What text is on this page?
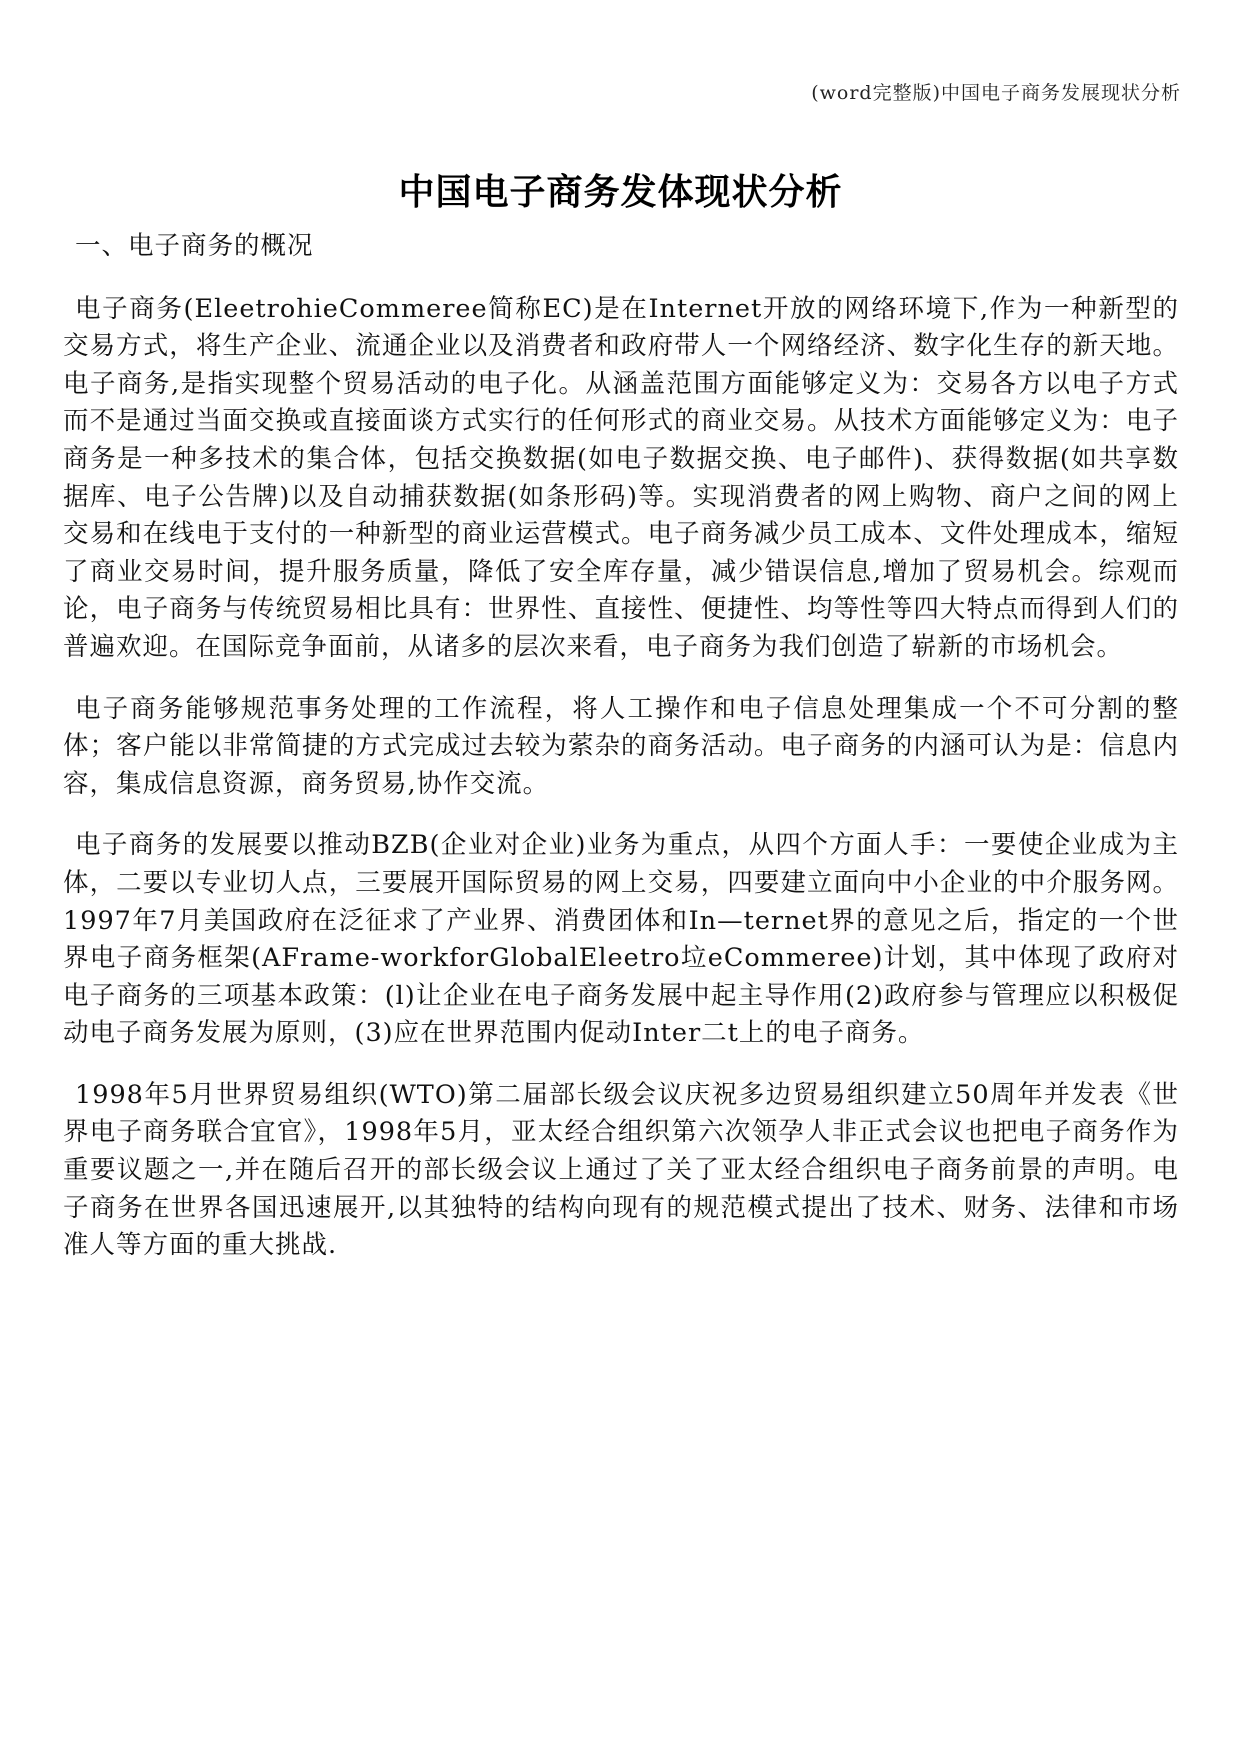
(word完整版)中国电子商务发展现状分析
中国电子商务发体现状分析

一、电子商务的概况

电子商务(EleetrohieCommeree简称EC)是在Internet开放的网络环境下,作为一种新型的交易方式，将生产企业、流通企业以及消费者和政府带人一个网络经济、数字化生存的新天地。电子商务,是指实现整个贸易活动的电子化。从涵盖范围方面能够定义为：交易各方以电子方式而不是通过当面交换或直接面谈方式实行的任何形式的商业交易。从技术方面能够定义为：电子商务是一种多技术的集合体，包括交换数据(如电子数据交换、电子邮件)、获得数据(如共享数据库、电子公告牌)以及自动捕获数据(如条形码)等。实现消费者的网上购物、商户之间的网上交易和在线电于支付的一种新型的商业运营模式。电子商务减少员工成本、文件处理成本，缩短了商业交易时间，提升服务质量，降低了安全库存量，减少错误信息,增加了贸易机会。综观而论，电子商务与传统贸易相比具有：世界性、直接性、便捷性、均等性等四大特点而得到人们的普遍欢迎。在国际竞争面前，从诸多的层次来看，电子商务为我们创造了崭新的市场机会。

电子商务能够规范事务处理的工作流程，将人工操作和电子信息处理集成一个不可分割的整体；客户能以非常简捷的方式完成过去较为萦杂的商务活动。电子商务的内涵可认为是：信息内容，集成信息资源，商务贸易,协作交流。

电子商务的发展要以推动BZB(企业对企业)业务为重点，从四个方面人手：一要使企业成为主体，二要以专业切人点，三要展开国际贸易的网上交易，四要建立面向中小企业的中介服务网。1997年7月美国政府在泛征求了产业界、消费团体和In—ternet界的意见之后，指定的一个世界电子商务框架(AFrame-workforGlobalEleetro垃eCommeree)计划，其中体现了政府对电子商务的三项基本政策：(l)让企业在电子商务发展中起主导作用(2)政府参与管理应以积极促动电子商务发展为原则，(3)应在世界范围内促动Inter二t上的电子商务。

1998年5月世界贸易组织(WTO)第二届部长级会议庆祝多边贸易组织建立50周年并发表《世界电子商务联合宜官》，1998年5月，亚太经合组织第六次领孕人非正式会议也把电子商务作为重要议题之一,并在随后召开的部长级会议上通过了关了亚太经合组织电子商务前景的声明。电子商务在世界各国迅速展开,以其独特的结构向现有的规范模式提出了技术、财务、法律和市场准人等方面的重大挑战.
